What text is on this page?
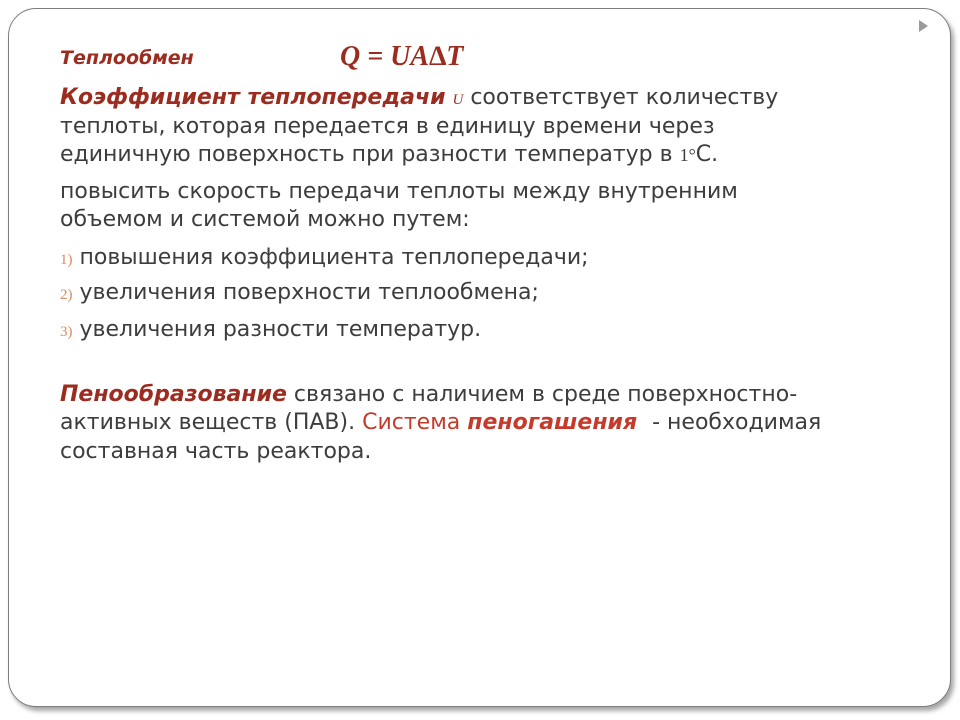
Теплообмен	Q = UA∆T
Коэффициент теплопередачи U соответствует количеству
теплоты, которая передается в единицу времени через
единичную поверхность при разности температур в 1°С.
повысить скорость передачи теплоты между внутренним
объемом и системой можно путем:
1) повышения коэффициента теплопередачи;
2) увеличения поверхности теплообмена;
3) увеличения разности температур.
Пенообразование связано с наличием в среде поверхностно-
активных веществ (ПАВ). Система пеногашения - необходимая
составная часть реактора.
